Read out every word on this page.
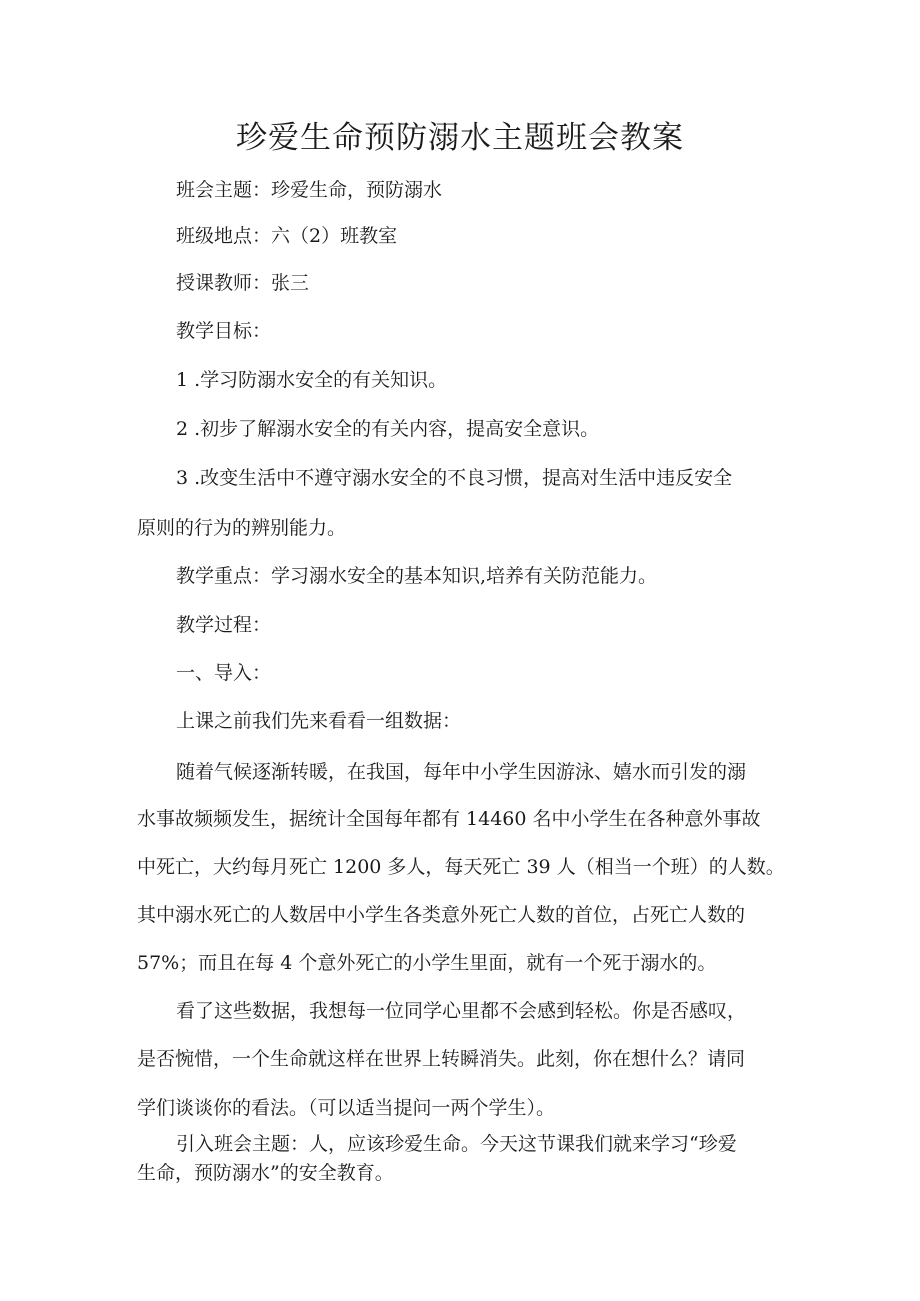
珍爱生命预防溺水主题班会教案

班会主题：珍爱生命，预防溺水

班级地点：六（2）班教室

授课教师：张三

教学目标：

1 .学习防溺水安全的有关知识。

2 .初步了解溺水安全的有关内容，提高安全意识。

3 .改变生活中不遵守溺水安全的不良习惯，提高对生活中违反安全

原则的行为的辨别能力。

教学重点：学习溺水安全的基本知识,培养有关防范能力。

教学过程：

一、导入：

上课之前我们先来看看一组数据：

随着气候逐渐转暖，在我国，每年中小学生因游泳、嬉水而引发的溺

水事故频频发生，据统计全国每年都有 14460 名中小学生在各种意外事故

中死亡，大约每月死亡 1200 多人，每天死亡 39 人（相当一个班）的人数。

其中溺水死亡的人数居中小学生各类意外死亡人数的首位，占死亡人数的

57%；而且在每 4 个意外死亡的小学生里面，就有一个死于溺水的。

看了这些数据，我想每一位同学心里都不会感到轻松。你是否感叹，

是否惋惜，一个生命就这样在世界上转瞬消失。此刻，你在想什么？请同

学们谈谈你的看法。（可以适当提问一两个学生）。

引入班会主题：人，应该珍爱生命。今天这节课我们就来学习“珍爱

生命，预防溺水”的安全教育。
